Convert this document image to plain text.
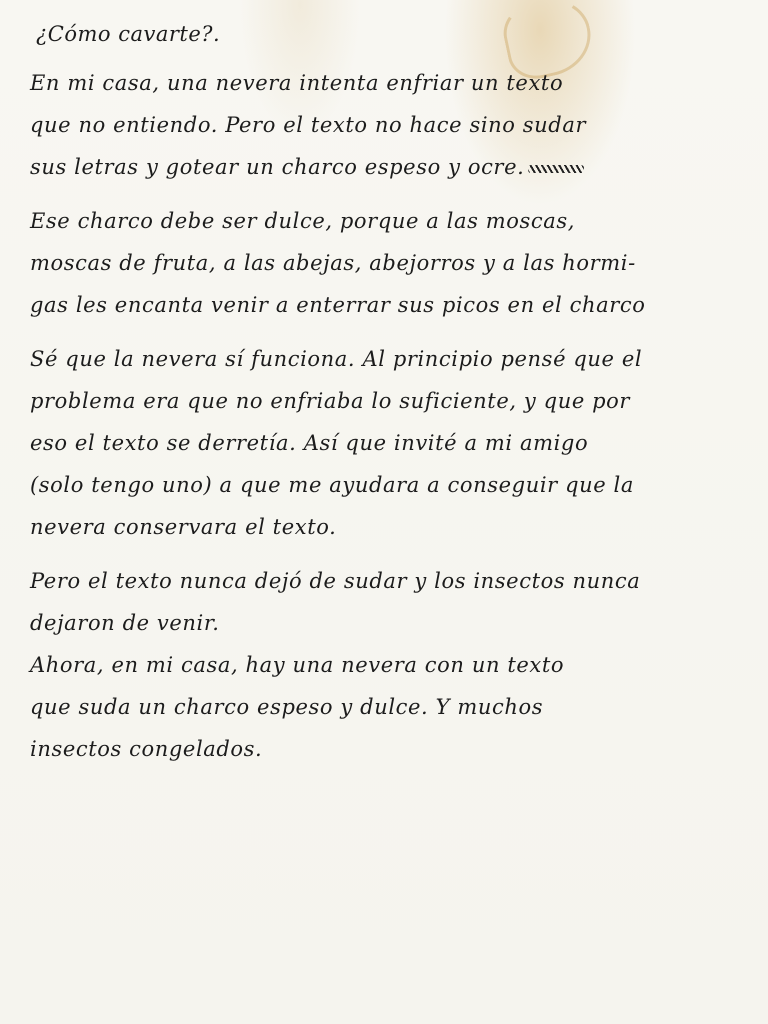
¿Cómo cavarte?.
En mi casa, una nevera intenta enfriar un texto
que no entiendo. Pero el texto no hace sino sudar
sus letras y gotear un charco espeso y ocre.
Ese charco debe ser dulce, porque a las moscas,
moscas de fruta, a las abejas, abejorros y a las hormi-
gas les encanta venir a enterrar sus picos en el charco
Sé que la nevera sí funciona. Al principio pensé que el
problema era que no enfriaba lo suficiente, y que por
eso el texto se derretía. Así que invité a mi amigo
(solo tengo uno) a que me ayudara a conseguir que la
nevera conservara el texto.
Pero el texto nunca dejó de sudar y los insectos nunca
dejaron de venir.
Ahora, en mi casa, hay una nevera con un texto
que suda un charco espeso y dulce. Y muchos
insectos congelados.
